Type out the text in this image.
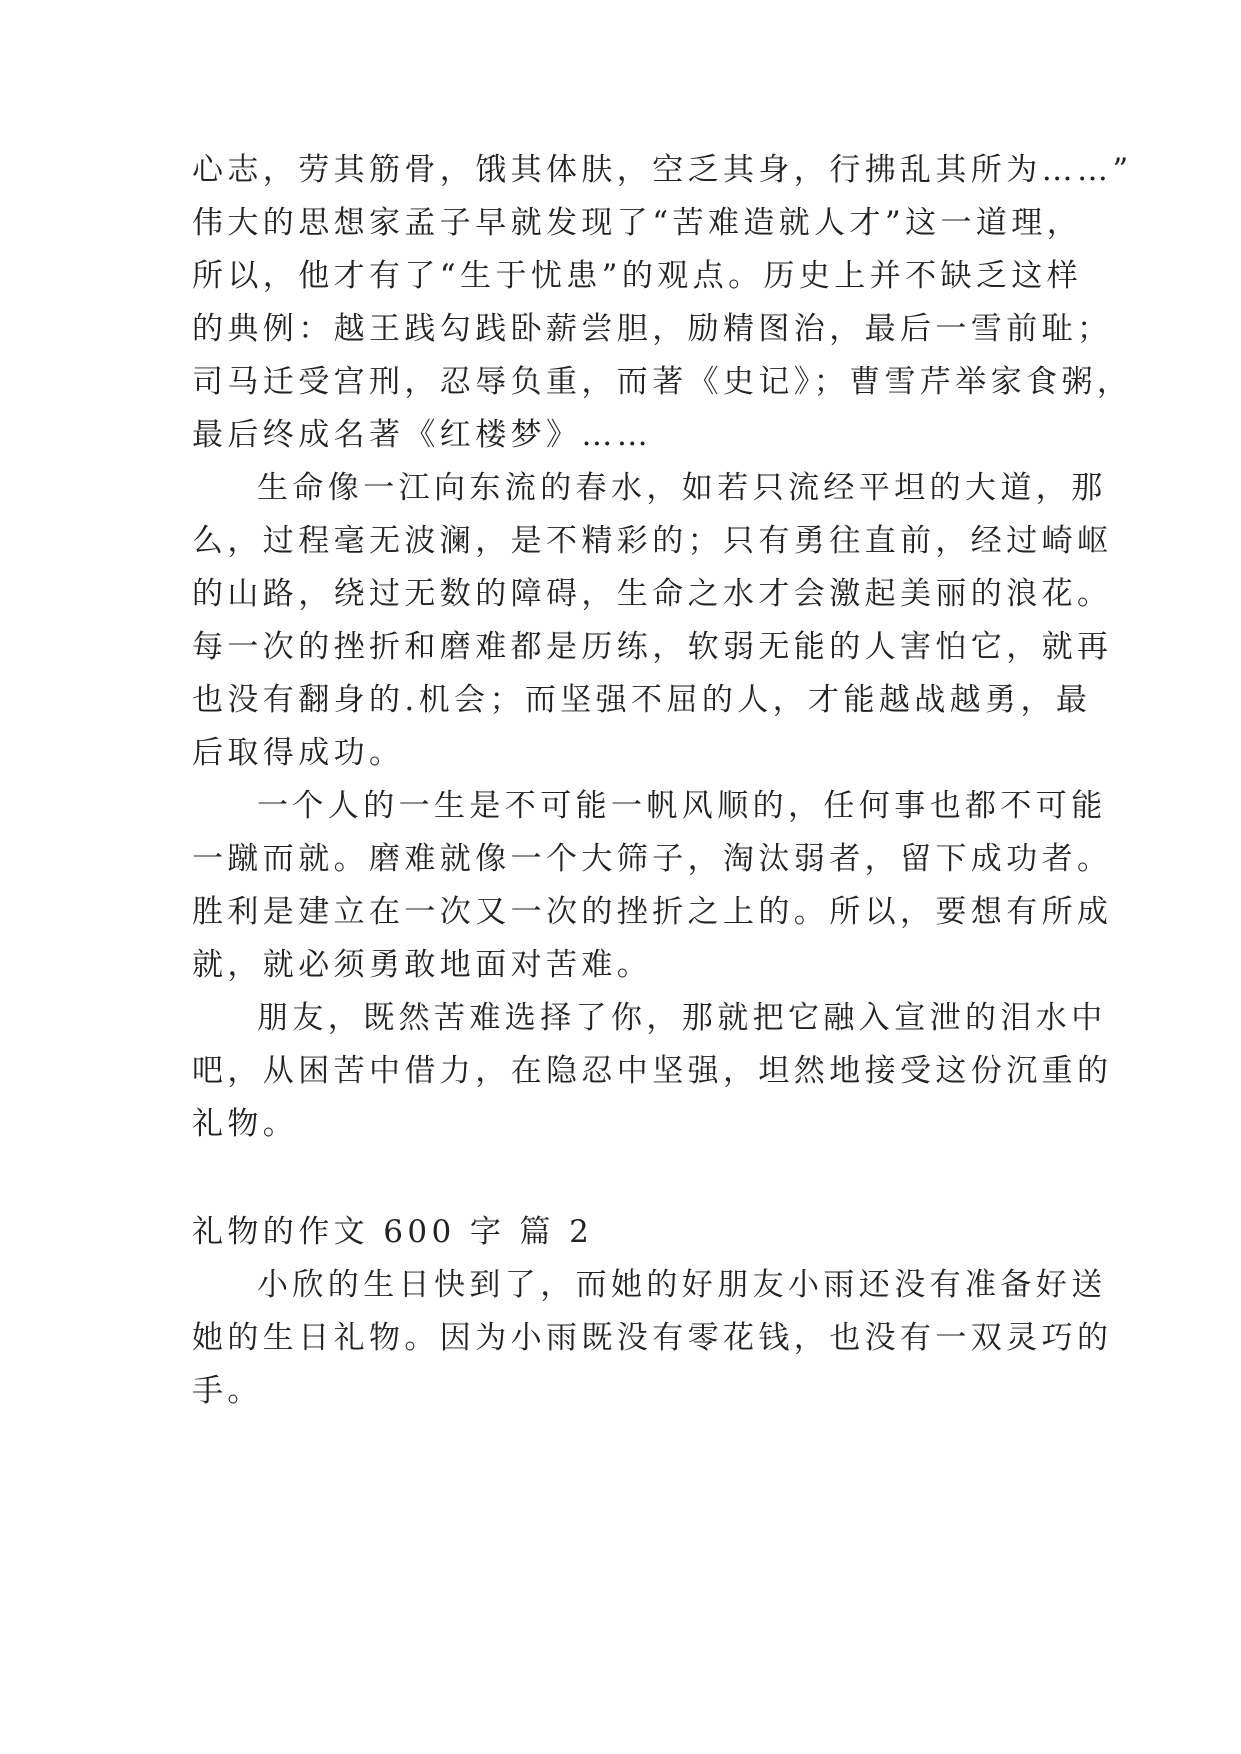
心志，劳其筋骨，饿其体肤，空乏其身，行拂乱其所为……”
伟大的思想家孟子早就发现了“苦难造就人才”这一道理，
所以，他才有了“生于忧患”的观点。历史上并不缺乏这样
的典例：越王践勾践卧薪尝胆，励精图治，最后一雪前耻；
司马迁受宫刑，忍辱负重，而著《史记》；曹雪芹举家食粥，
最后终成名著《红楼梦》……
生命像一江向东流的春水，如若只流经平坦的大道，那
么，过程毫无波澜，是不精彩的；只有勇往直前，经过崎岖
的山路，绕过无数的障碍，生命之水才会激起美丽的浪花。
每一次的挫折和磨难都是历练，软弱无能的人害怕它，就再
也没有翻身的.机会；而坚强不屈的人，才能越战越勇，最
后取得成功。
一个人的一生是不可能一帆风顺的，任何事也都不可能
一蹴而就。磨难就像一个大筛子，淘汰弱者，留下成功者。
胜利是建立在一次又一次的挫折之上的。所以，要想有所成
就，就必须勇敢地面对苦难。
朋友，既然苦难选择了你，那就把它融入宣泄的泪水中
吧，从困苦中借力，在隐忍中坚强，坦然地接受这份沉重的
礼物。
礼物的作文 600 字 篇 2
小欣的生日快到了，而她的好朋友小雨还没有准备好送
她的生日礼物。因为小雨既没有零花钱，也没有一双灵巧的
手。
